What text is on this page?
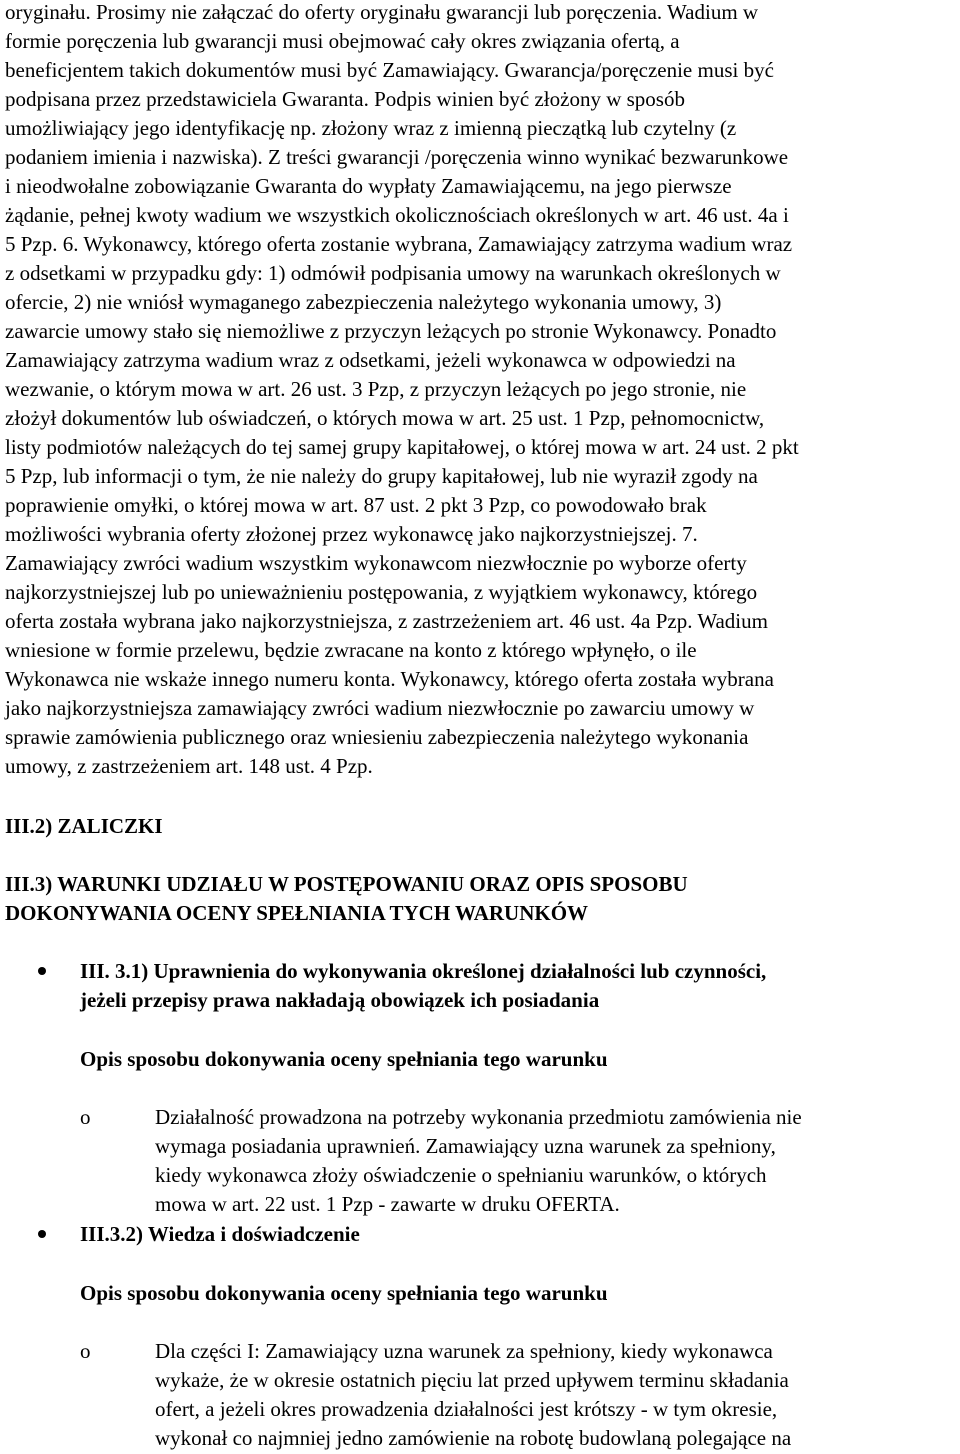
oryginału. Prosimy nie załączać do oferty oryginału gwarancji lub poręczenia. Wadium w
formie poręczenia lub gwarancji musi obejmować cały okres związania ofertą, a
beneficjentem takich dokumentów musi być Zamawiający. Gwarancja/poręczenie musi być
podpisana przez przedstawiciela Gwaranta. Podpis winien być złożony w sposób
umożliwiający jego identyfikację np. złożony wraz z imienną pieczątką lub czytelny (z
podaniem imienia i nazwiska). Z treści gwarancji /poręczenia winno wynikać bezwarunkowe
i nieodwołalne zobowiązanie Gwaranta do wypłaty Zamawiającemu, na jego pierwsze
żądanie, pełnej kwoty wadium we wszystkich okolicznościach określonych w art. 46 ust. 4a i
5 Pzp. 6. Wykonawcy, którego oferta zostanie wybrana, Zamawiający zatrzyma wadium wraz
z odsetkami w przypadku gdy: 1) odmówił podpisania umowy na warunkach określonych w
ofercie, 2) nie wniósł wymaganego zabezpieczenia należytego wykonania umowy, 3)
zawarcie umowy stało się niemożliwe z przyczyn leżących po stronie Wykonawcy. Ponadto
Zamawiający zatrzyma wadium wraz z odsetkami, jeżeli wykonawca w odpowiedzi na
wezwanie, o którym mowa w art. 26 ust. 3 Pzp, z przyczyn leżących po jego stronie, nie
złożył dokumentów lub oświadczeń, o których mowa w art. 25 ust. 1 Pzp, pełnomocnictw,
listy podmiotów należących do tej samej grupy kapitałowej, o której mowa w art. 24 ust. 2 pkt
5 Pzp, lub informacji o tym, że nie należy do grupy kapitałowej, lub nie wyraził zgody na
poprawienie omyłki, o której mowa w art. 87 ust. 2 pkt 3 Pzp, co powodowało brak
możliwości wybrania oferty złożonej przez wykonawcę jako najkorzystniejszej. 7.
Zamawiający zwróci wadium wszystkim wykonawcom niezwłocznie po wyborze oferty
najkorzystniejszej lub po unieważnieniu postępowania, z wyjątkiem wykonawcy, którego
oferta została wybrana jako najkorzystniejsza, z zastrzeżeniem art. 46 ust. 4a Pzp. Wadium
wniesione w formie przelewu, będzie zwracane na konto z którego wpłynęło, o ile
Wykonawca nie wskaże innego numeru konta. Wykonawcy, którego oferta została wybrana
jako najkorzystniejsza zamawiający zwróci wadium niezwłocznie po zawarciu umowy w
sprawie zamówienia publicznego oraz wniesieniu zabezpieczenia należytego wykonania
umowy, z zastrzeżeniem art. 148 ust. 4 Pzp.
III.2) ZALICZKI
III.3) WARUNKI UDZIAŁU W POSTĘPOWANIU ORAZ OPIS SPOSOBU
DOKONYWANIA OCENY SPEŁNIANIA TYCH WARUNKÓW
III. 3.1) Uprawnienia do wykonywania określonej działalności lub czynności,
jeżeli przepisy prawa nakładają obowiązek ich posiadania
Opis sposobu dokonywania oceny spełniania tego warunku
o	Działalność prowadzona na potrzeby wykonania przedmiotu zamówienia nie
wymaga posiadania uprawnień. Zamawiający uzna warunek za spełniony,
kiedy wykonawca złoży oświadczenie o spełnianiu warunków, o których
mowa w art. 22 ust. 1 Pzp - zawarte w druku OFERTA.
III.3.2) Wiedza i doświadczenie
Opis sposobu dokonywania oceny spełniania tego warunku
o	Dla części I: Zamawiający uzna warunek za spełniony, kiedy wykonawca
wykaże, że w okresie ostatnich pięciu lat przed upływem terminu składania
ofert, a jeżeli okres prowadzenia działalności jest krótszy - w tym okresie,
wykonał co najmniej jedno zamówienie na robotę budowlaną polegające na
